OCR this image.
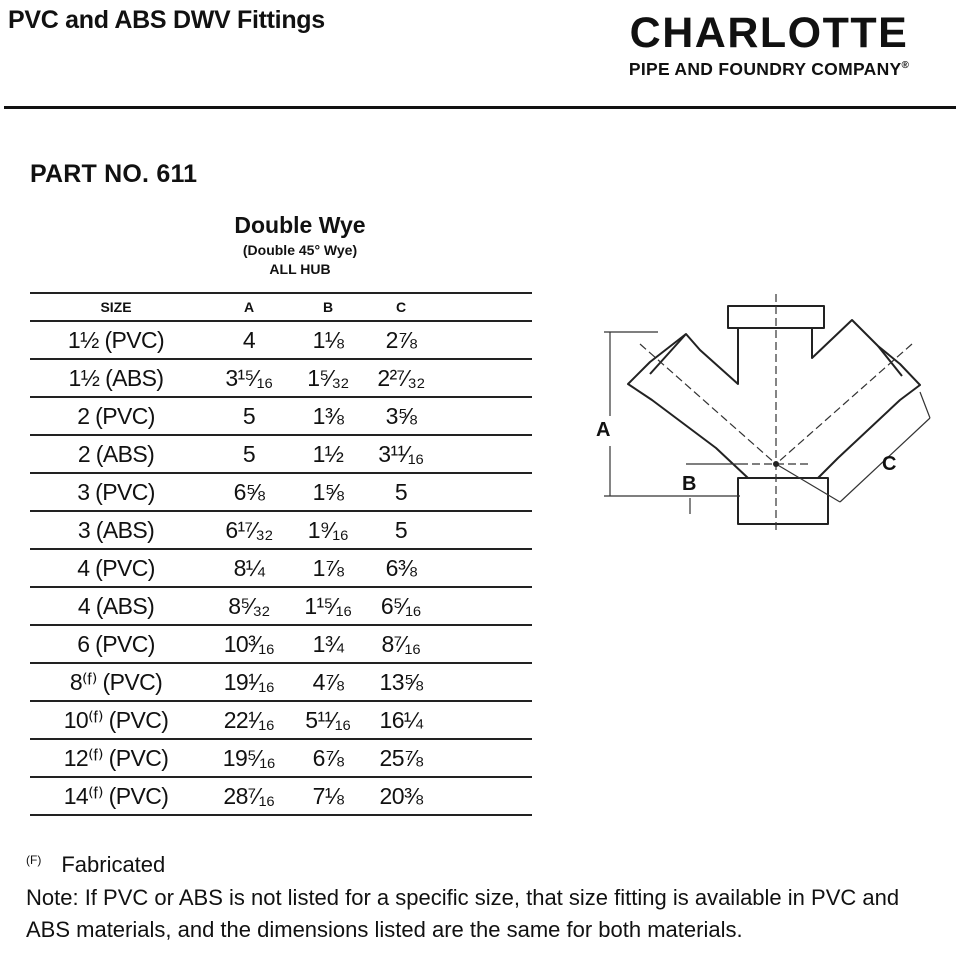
PVC and ABS DWV Fittings	CHARLOTTE
PIPE AND FOUNDRY COMPANY®
PART NO. 611
Double Wye
(Double 45° Wye)
ALL HUB
SIZE	A	B	C	
1½ (PVC)	4	1⅛	2⅞	
1½ (ABS)	3¹⁵⁄₁₆	1⁵⁄₃₂	2²⁷⁄₃₂	
2 (PVC)	5	1⅜	3⅝	
2 (ABS)	5	1½	3¹¹⁄₁₆	
3 (PVC)	6⅝	1⅝	5	
3 (ABS)	6¹⁷⁄₃₂	1⁹⁄₁₆	5	
4 (PVC)	8¼	1⅞	6⅜	
4 (ABS)	8⁵⁄₃₂	1¹⁵⁄₁₆	6⁵⁄₁₆	
6 (PVC)	10³⁄₁₆	1¾	8⁷⁄₁₆	
8⁽ᶠ⁾ (PVC)	19¹⁄₁₆	4⅞	13⅝	
10⁽ᶠ⁾ (PVC)	22¹⁄₁₆	5¹¹⁄₁₆	16¼	
12⁽ᶠ⁾ (PVC)	19⁵⁄₁₆	6⅞	25⅞	
14⁽ᶠ⁾ (PVC)	28⁷⁄₁₆	7⅛	20⅜	
A
B
C
$^{(F)}$ Fabricated
Note: If PVC or ABS is not listed for a specific size, that size fitting is available in PVC and ABS materials, and the dimensions listed are the same for both materials.
